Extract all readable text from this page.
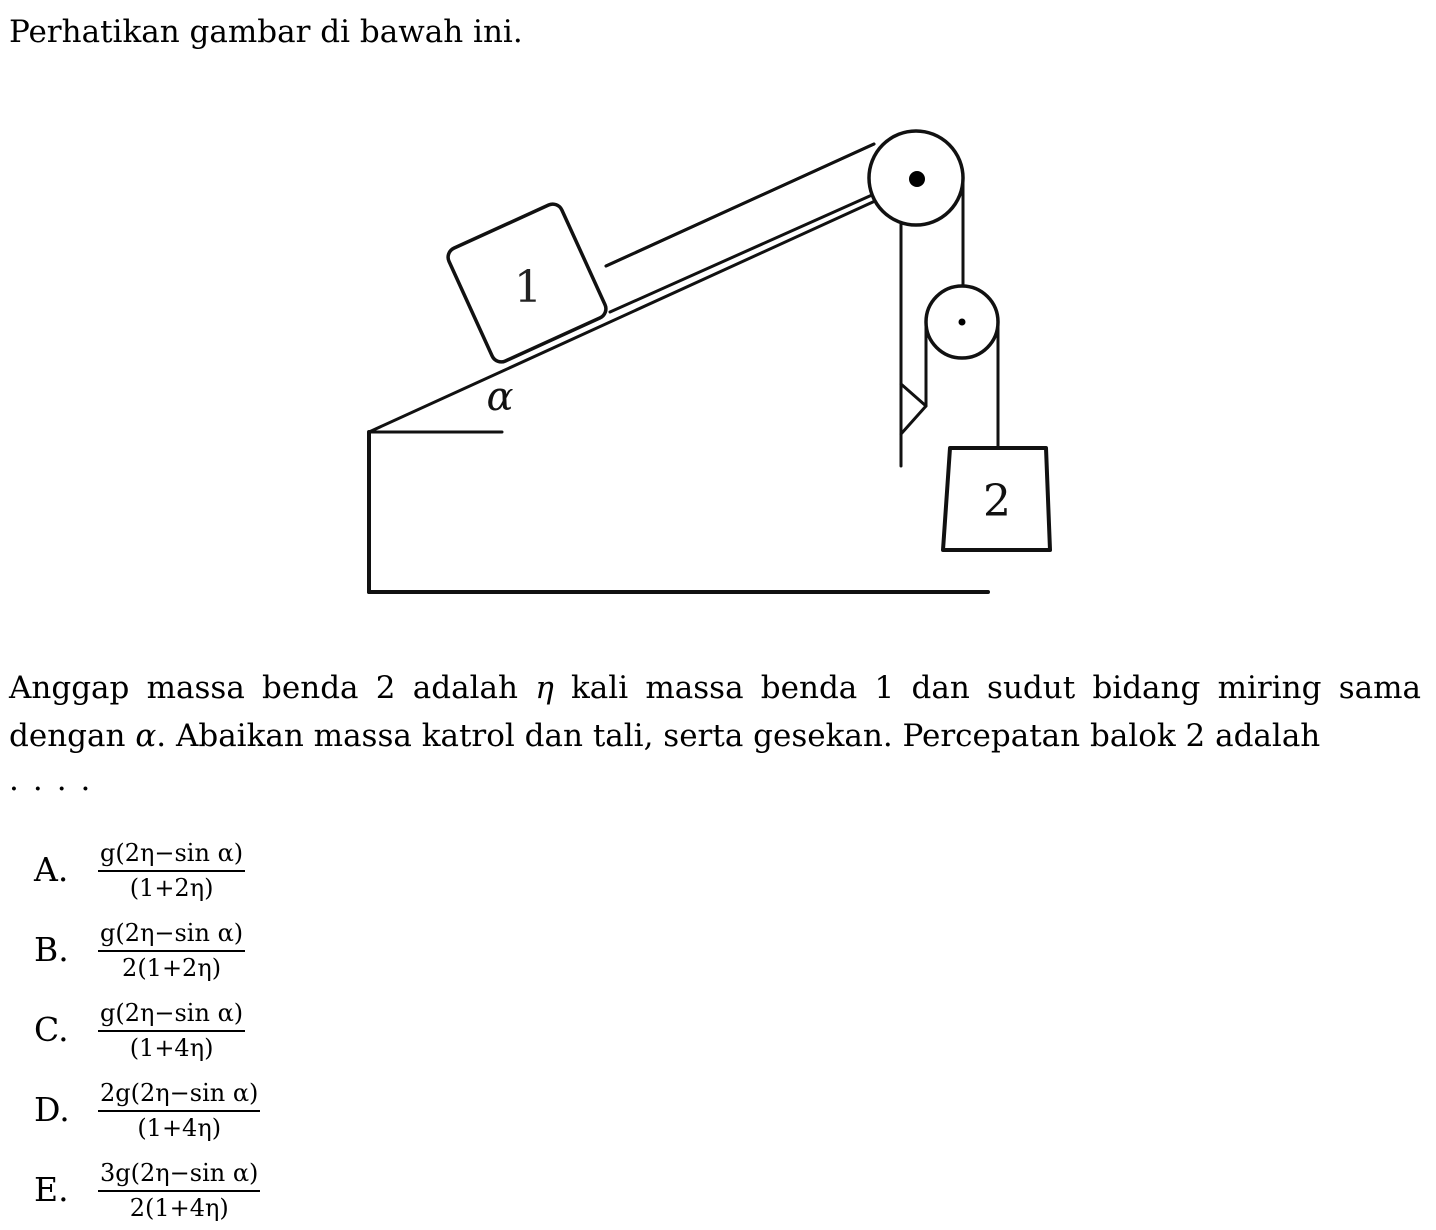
Perhatikan gambar di bawah ini.
1
α
2
Anggap massa benda 2 adalah η kali massa benda 1 dan sudut bidang miring sama dengan α. Abaikan massa katrol dan tali, serta gesekan. Percepatan balok 2 adalah
....
A.	$\frac{\text{g(2η−sin α)}}{(1+2\eta)}$
B.	$\frac{\text{g(2η−sin α)}}{2(1+2\eta)}$
C.	$\frac{\text{g(2η−sin α)}}{(1+4\eta)}$
D.	$\frac{\text{2g(2η−sin α)}}{(1+4\eta)}$
E.	$\frac{\text{3g(2η−sin α)}}{2(1+4\eta)}$
